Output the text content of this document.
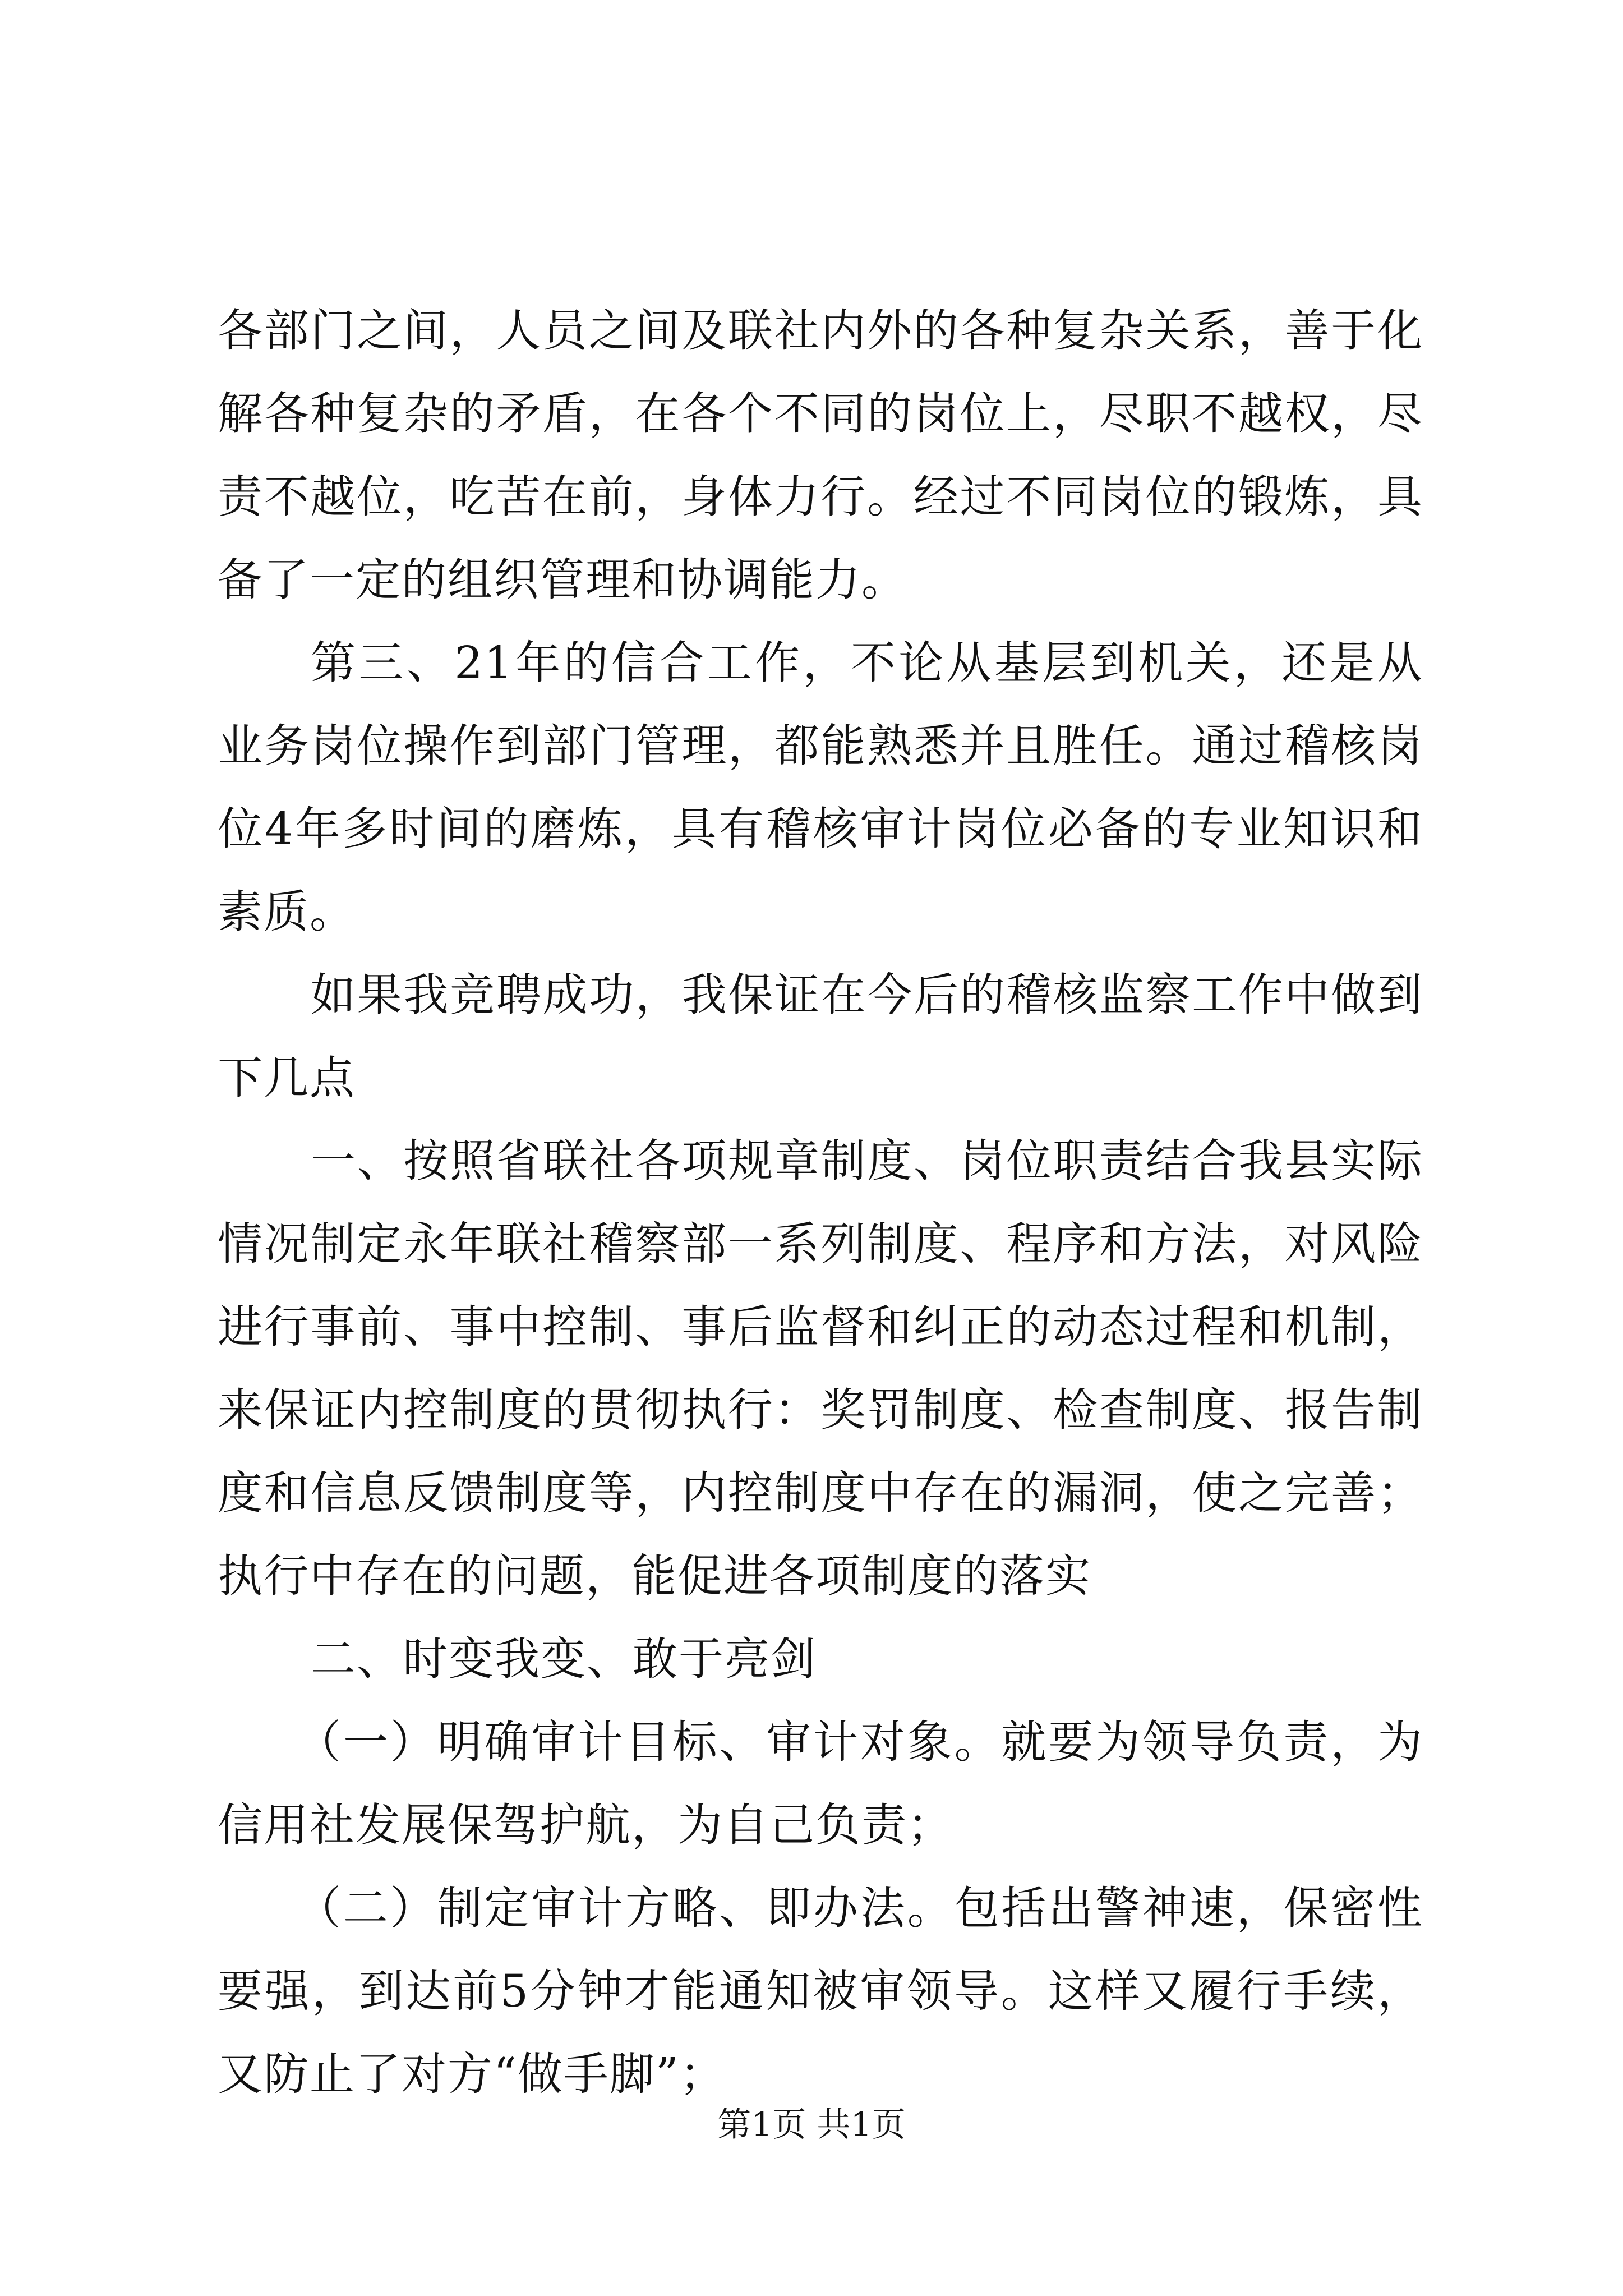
各部门之间，人员之间及联社内外的各种复杂关系，善于化解各种复杂的矛盾，在各个不同的岗位上，尽职不越权，尽责不越位，吃苦在前，身体力行。经过不同岗位的锻炼，具备了一定的组织管理和协调能力。

第三、21年的信合工作，不论从基层到机关，还是从业务岗位操作到部门管理，都能熟悉并且胜任。通过稽核岗位4年多时间的磨炼，具有稽核审计岗位必备的专业知识和素质。

如果我竞聘成功，我保证在今后的稽核监察工作中做到下几点

一、按照省联社各项规章制度、岗位职责结合我县实际情况制定永年联社稽察部一系列制度、程序和方法，对风险进行事前、事中控制、事后监督和纠正的动态过程和机制，来保证内控制度的贯彻执行：奖罚制度、检查制度、报告制度和信息反馈制度等，内控制度中存在的漏洞，使之完善；执行中存在的问题，能促进各项制度的落实

二、时变我变、敢于亮剑

（一）明确审计目标、审计对象。就要为领导负责，为信用社发展保驾护航，为自己负责；

（二）制定审计方略、即办法。包括出警神速，保密性要强，到达前5分钟才能通知被审领导。这样又履行手续，又防止了对方“做手脚”；

第1页 共1页
